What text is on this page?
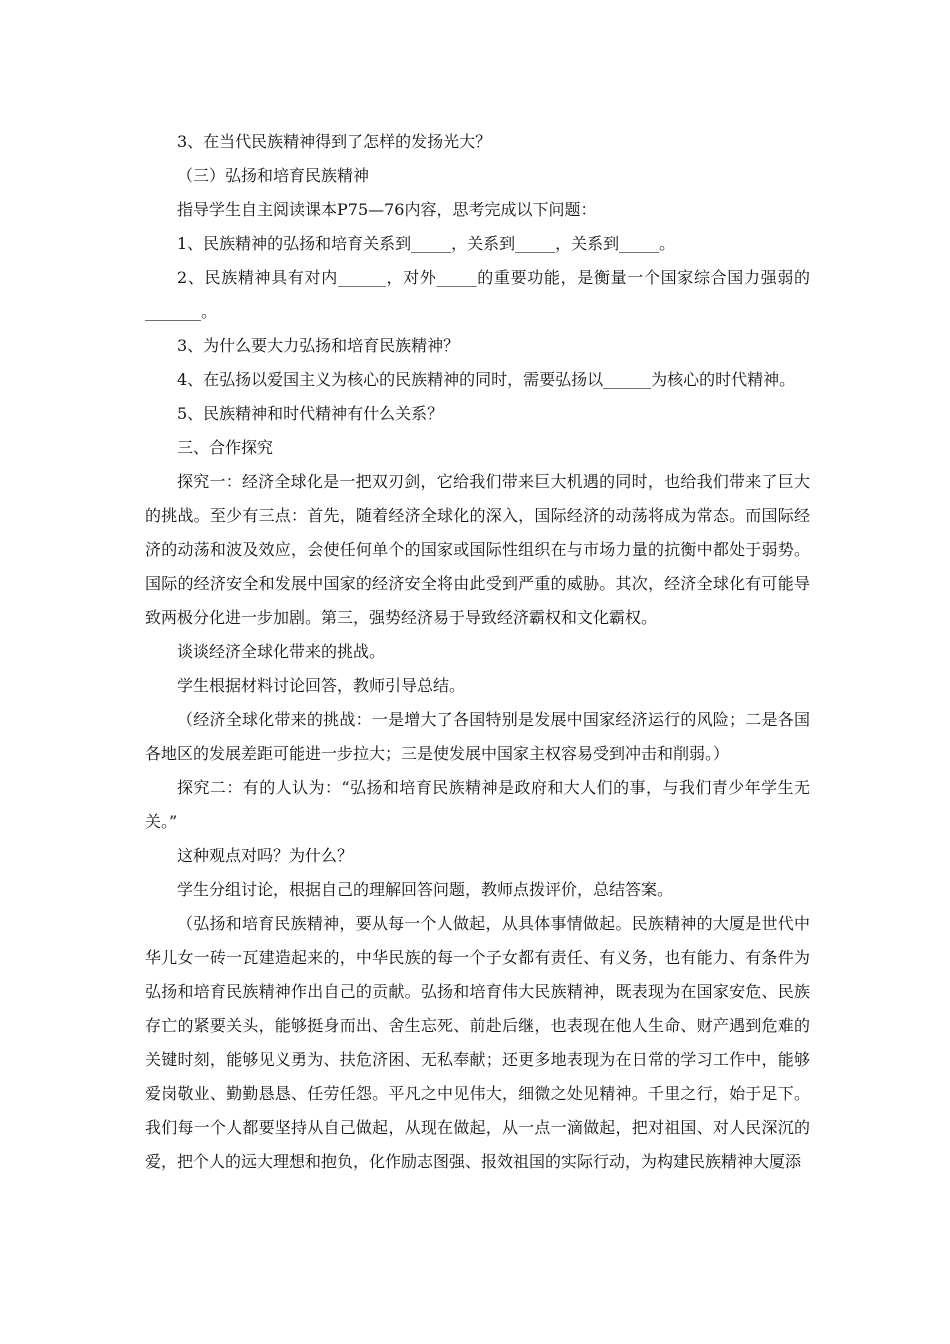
3、在当代民族精神得到了怎样的发扬光大？

（三）弘扬和培育民族精神

指导学生自主阅读课本P75—76内容，思考完成以下问题：

1、民族精神的弘扬和培育关系到_____，关系到_____，关系到_____。

2、民族精神具有对内______，对外_____的重要功能，是衡量一个国家综合国力强弱的_______。

3、为什么要大力弘扬和培育民族精神？

4、在弘扬以爱国主义为核心的民族精神的同时，需要弘扬以______为核心的时代精神。

5、民族精神和时代精神有什么关系？

三、合作探究

探究一：经济全球化是一把双刃剑，它给我们带来巨大机遇的同时，也给我们带来了巨大的挑战。至少有三点：首先，随着经济全球化的深入，国际经济的动荡将成为常态。而国际经济的动荡和波及效应，会使任何单个的国家或国际性组织在与市场力量的抗衡中都处于弱势。国际的经济安全和发展中国家的经济安全将由此受到严重的威胁。其次，经济全球化有可能导致两极分化进一步加剧。第三，强势经济易于导致经济霸权和文化霸权。

谈谈经济全球化带来的挑战。

学生根据材料讨论回答，教师引导总结。

（经济全球化带来的挑战：一是增大了各国特别是发展中国家经济运行的风险；二是各国各地区的发展差距可能进一步拉大；三是使发展中国家主权容易受到冲击和削弱。）

探究二：有的人认为：“弘扬和培育民族精神是政府和大人们的事，与我们青少年学生无关。”

这种观点对吗？为什么？

学生分组讨论，根据自己的理解回答问题，教师点拨评价，总结答案。

（弘扬和培育民族精神，要从每一个人做起，从具体事情做起。民族精神的大厦是世代中华儿女一砖一瓦建造起来的，中华民族的每一个子女都有责任、有义务，也有能力、有条件为弘扬和培育民族精神作出自己的贡献。弘扬和培育伟大民族精神，既表现为在国家安危、民族存亡的紧要关头，能够挺身而出、舍生忘死、前赴后继，也表现在他人生命、财产遇到危难的关键时刻，能够见义勇为、扶危济困、无私奉献；还更多地表现为在日常的学习工作中，能够爱岗敬业、勤勤恳恳、任劳任怨。平凡之中见伟大，细微之处见精神。千里之行，始于足下。我们每一个人都要坚持从自己做起，从现在做起，从一点一滴做起，把对祖国、对人民深沉的爱，把个人的远大理想和抱负，化作励志图强、报效祖国的实际行动，为构建民族精神大厦添
